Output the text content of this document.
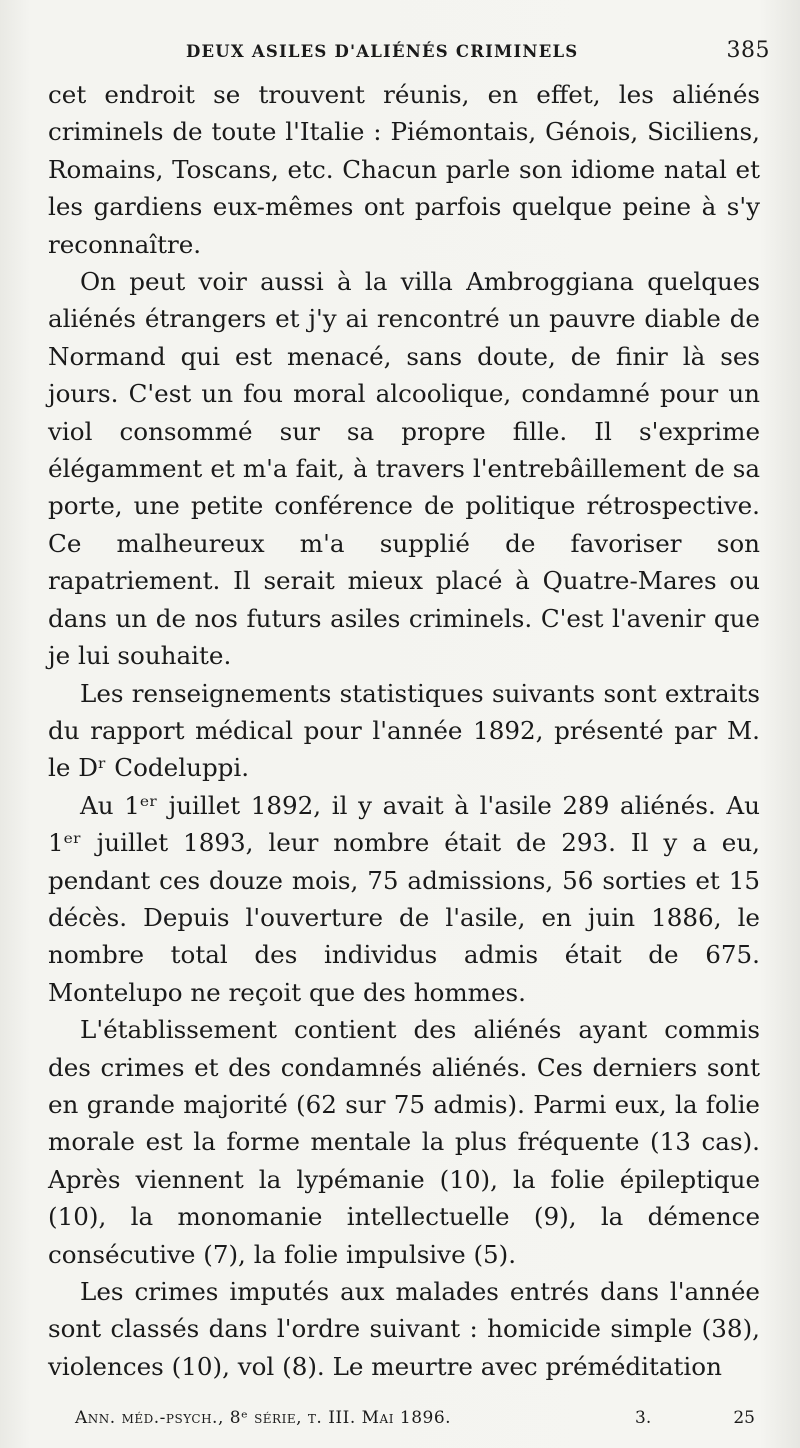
DEUX ASILES D'ALIÉNÉS CRIMINELS	385

cet endroit se trouvent réunis, en effet, les aliénés criminels de toute l'Italie : Piémontais, Génois, Siciliens, Romains, Toscans, etc. Chacun parle son idiome natal et les gardiens eux-mêmes ont parfois quelque peine à s'y reconnaître.

On peut voir aussi à la villa Ambroggiana quelques aliénés étrangers et j'y ai rencontré un pauvre diable de Normand qui est menacé, sans doute, de finir là ses jours. C'est un fou moral alcoolique, condamné pour un viol consommé sur sa propre fille. Il s'exprime élégamment et m'a fait, à travers l'entrebâillement de sa porte, une petite conférence de politique rétrospective. Ce malheureux m'a supplié de favoriser son rapatriement. Il serait mieux placé à Quatre-Mares ou dans un de nos futurs asiles criminels. C'est l'avenir que je lui souhaite.

Les renseignements statistiques suivants sont extraits du rapport médical pour l'année 1892, présenté par M. le Dʳ Codeluppi.

Au 1ᵉʳ juillet 1892, il y avait à l'asile 289 aliénés. Au 1ᵉʳ juillet 1893, leur nombre était de 293. Il y a eu, pendant ces douze mois, 75 admissions, 56 sorties et 15 décès. Depuis l'ouverture de l'asile, en juin 1886, le nombre total des individus admis était de 675. Montelupo ne reçoit que des hommes.

L'établissement contient des aliénés ayant commis des crimes et des condamnés aliénés. Ces derniers sont en grande majorité (62 sur 75 admis). Parmi eux, la folie morale est la forme mentale la plus fréquente (13 cas). Après viennent la lypémanie (10), la folie épileptique (10), la monomanie intellectuelle (9), la démence consécutive (7), la folie impulsive (5).

Les crimes imputés aux malades entrés dans l'année sont classés dans l'ordre suivant : homicide simple (38), violences (10), vol (8). Le meurtre avec préméditation

Ann. méd.-psych., 8ᵉ série, t. III. Mai 1896.	3.	25
